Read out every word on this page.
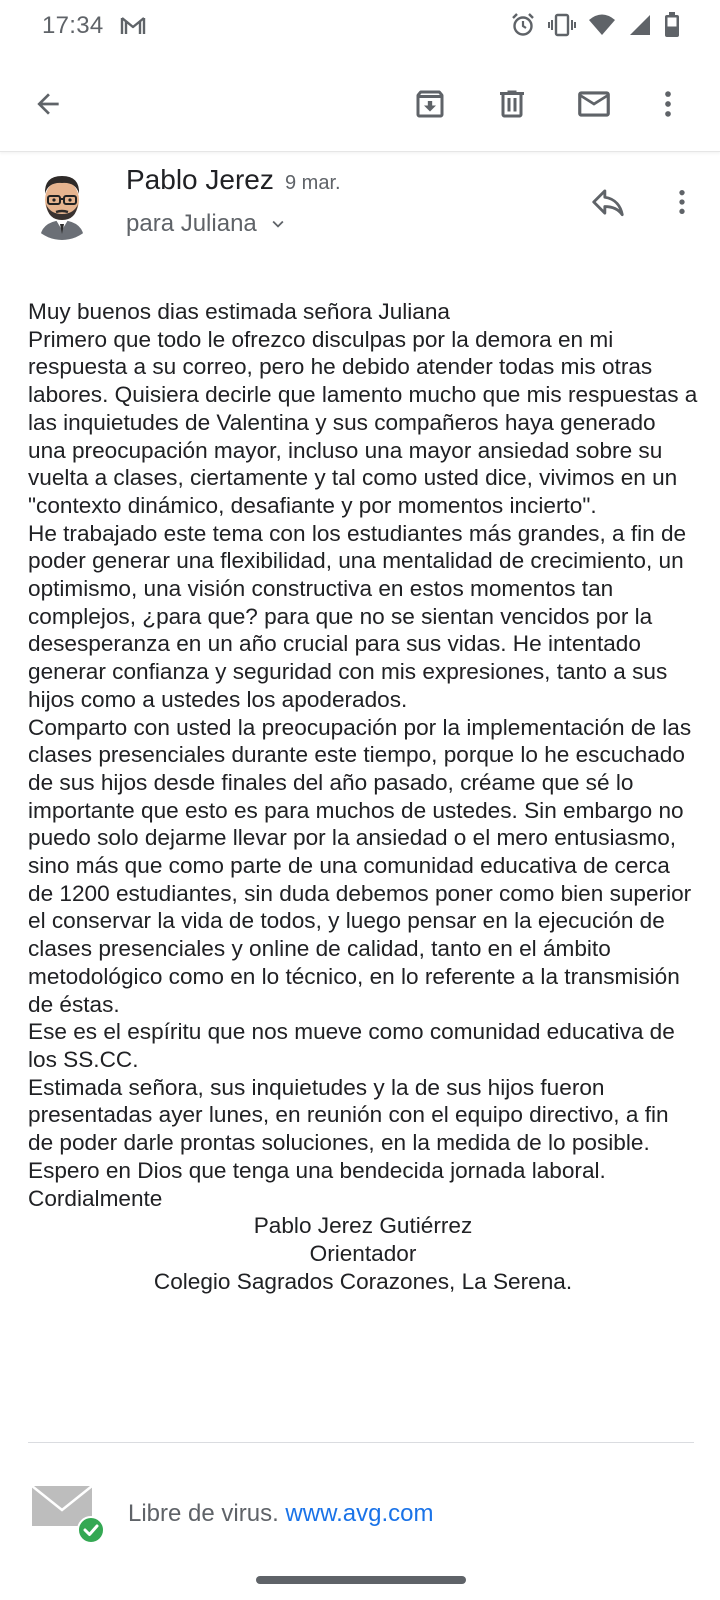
17:34
Pablo Jerez 9 mar.
para Juliana

Muy buenos dias estimada señora Juliana

Primero que todo le ofrezco disculpas por la demora en mi respuesta a su correo, pero he debido atender todas mis otras labores. Quisiera decirle que lamento mucho que mis respuestas a las inquietudes de Valentina y sus compañeros haya generado una preocupación mayor, incluso una mayor ansiedad sobre su vuelta a clases, ciertamente y tal como usted dice, vivimos en un "contexto dinámico, desafiante y por momentos incierto".

He trabajado este tema con los estudiantes más grandes, a fin de poder generar una flexibilidad, una mentalidad de crecimiento, un optimismo, una visión constructiva en estos momentos tan complejos, ¿para que? para que no se sientan vencidos por la desesperanza en un año crucial para sus vidas. He intentado generar confianza y seguridad con mis expresiones, tanto a sus hijos como a ustedes los apoderados.

Comparto con usted la preocupación por la implementación de las clases presenciales durante este tiempo, porque lo he escuchado de sus hijos desde finales del año pasado, créame que sé lo importante que esto es para muchos de ustedes. Sin embargo no puedo solo dejarme llevar por la ansiedad o el mero entusiasmo, sino más que como parte de una comunidad educativa de cerca de 1200 estudiantes, sin duda debemos poner como bien superior el conservar la vida de todos, y luego pensar en la ejecución de clases presenciales y online de calidad, tanto en el ámbito metodológico como en lo técnico, en lo referente a la transmisión de éstas.

Ese es el espíritu que nos mueve como comunidad educativa de los SS.CC.

Estimada señora, sus inquietudes y la de sus hijos fueron presentadas ayer lunes, en reunión con el equipo directivo, a fin de poder darle prontas soluciones, en la medida de lo posible.

Espero en Dios que tenga una bendecida jornada laboral.

Cordialmente

Pablo Jerez Gutiérrez

Orientador

Colegio Sagrados Corazones, La Serena.

Libre de virus. www.avg.com
